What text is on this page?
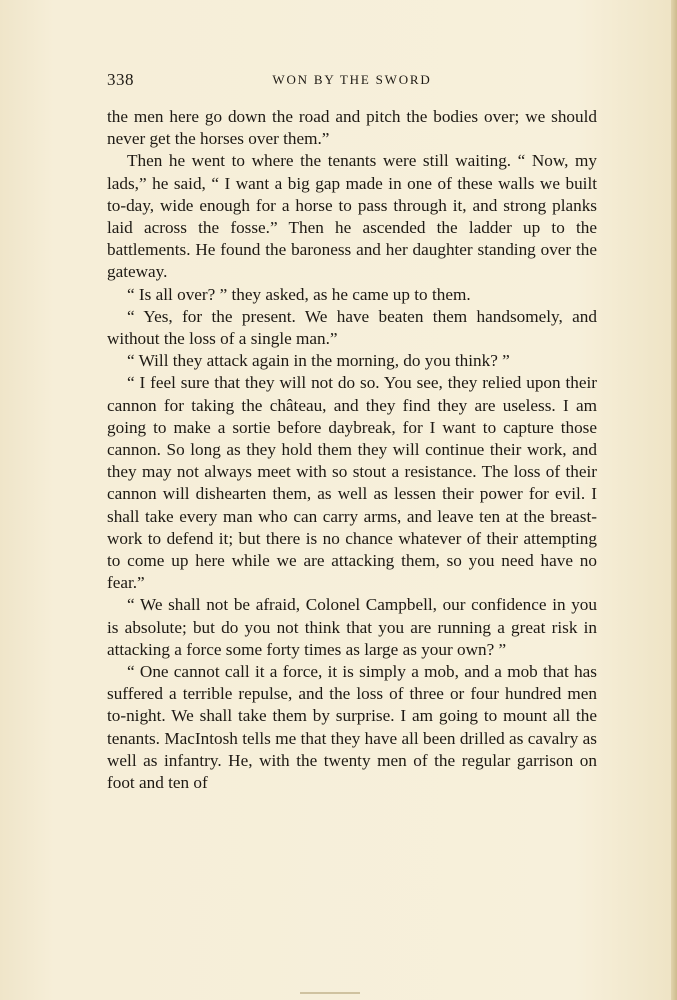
338	WON BY THE SWORD

the men here go down the road and pitch the bodies over; we should never get the horses over them.”

Then he went to where the tenants were still waiting. “ Now, my lads,” he said, “ I want a big gap made in one of these walls we built to-day, wide enough for a horse to pass through it, and strong planks laid across the fosse.” Then he ascended the ladder up to the battlements. He found the baroness and her daughter standing over the gateway.

“ Is all over? ” they asked, as he came up to them.

“ Yes, for the present. We have beaten them handsomely, and without the loss of a single man.”

“ Will they attack again in the morning, do you think? ”

“ I feel sure that they will not do so. You see, they relied upon their cannon for taking the château, and they find they are useless. I am going to make a sortie before daybreak, for I want to capture those cannon. So long as they hold them they will continue their work, and they may not always meet with so stout a resistance. The loss of their cannon will dishearten them, as well as lessen their power for evil. I shall take every man who can carry arms, and leave ten at the breastwork to defend it; but there is no chance whatever of their attempting to come up here while we are attacking them, so you need have no fear.”

“ We shall not be afraid, Colonel Campbell, our confidence in you is absolute; but do you not think that you are running a great risk in attacking a force some forty times as large as your own? ”

“ One cannot call it a force, it is simply a mob, and a mob that has suffered a terrible repulse, and the loss of three or four hundred men to-night. We shall take them by surprise. I am going to mount all the tenants. MacIntosh tells me that they have all been drilled as cavalry as well as infantry. He, with the twenty men of the regular garrison on foot and ten of
